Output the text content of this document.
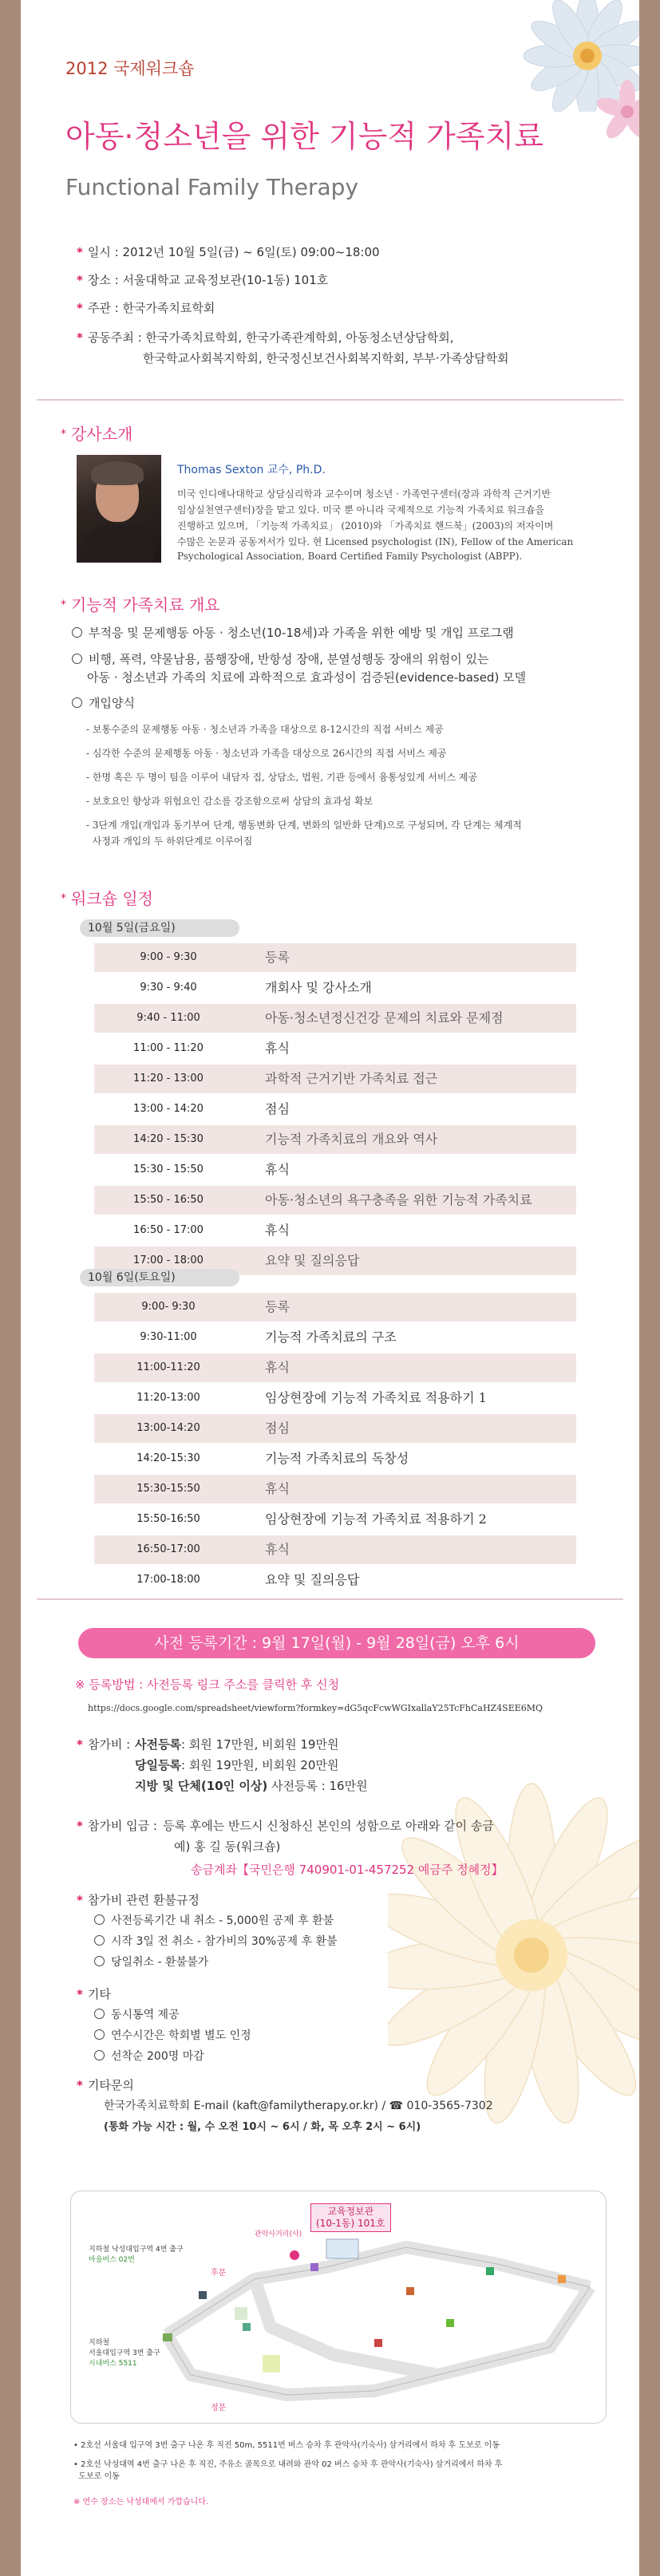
2012 국제워크숍
아동·청소년을 위한 기능적 가족치료
Functional Family Therapy
* 일시 : 2012년 10월 5일(금) ~ 6일(토) 09:00~18:00
* 장소 : 서울대학교 교육정보관(10-1동) 101호
* 주관 : 한국가족치료학회
* 공동주최 : 한국가족치료학회, 한국가족관계학회, 아동청소년상담학회,
한국학교사회복지학회, 한국정신보건사회복지학회, 부부·가족상담학회
* 강사소개
Thomas Sexton 교수, Ph.D.
미국 인디애나대학교 상담심리학과 교수이며 청소년 · 가족연구센터(장과 과학적 근거기반
임상실천연구센터)장을 맡고 있다. 미국 뿐 아니라 국제적으로 기능적 가족치료 워크숍을
진행하고 있으며, 「기능적 가족치료」 (2010)와 「가족치료 핸드북」(2003)의 저자이며
수많은 논문과 공동저서가 있다. 현 Licensed psychologist (IN), Fellow of the American
Psychological Association, Board Certified Family Psychologist (ABPP).
* 기능적 가족치료 개요
부적응 및 문제행동 아동 · 청소년(10-18세)과 가족을 위한 예방 및 개입 프로그램
비행, 폭력, 약물남용, 품행장애, 반항성 장애, 분열성행동 장애의 위험이 있는
아동 · 청소년과 가족의 치료에 과학적으로 효과성이 검증된(evidence-based) 모델
개입양식
- 보통수준의 문제행동 아동 · 청소년과 가족을 대상으로 8-12시간의 직접 서비스 제공
- 심각한 수준의 문제행동 아동 · 청소년과 가족을 대상으로 26시간의 직접 서비스 제공
- 한명 혹은 두 명이 팀을 이루어 내담자 집, 상담소, 법원, 기관 등에서 융통성있게 서비스 제공
- 보호요인 향상과 위험요인 감소를 강조함으로써 상담의 효과성 확보
- 3단계 개입(개입과 동기부여 단계, 행동변화 단계, 변화의 일반화 단계)으로 구성되며, 각 단계는 체계적
사정과 개입의 두 하위단계로 이루어짐
* 워크숍 일정
10월 5일(금요일)
9:00 - 9:30	등록
9:30 - 9:40	개회사 및 강사소개
9:40 - 11:00	아동·청소년정신건강 문제의 치료와 문제점
11:00 - 11:20	휴식
11:20 - 13:00	과학적 근거기반 가족치료 접근
13:00 - 14:20	점심
14:20 - 15:30	기능적 가족치료의 개요와 역사
15:30 - 15:50	휴식
15:50 - 16:50	아동·청소년의 욕구충족을 위한 기능적 가족치료
16:50 - 17:00	휴식
17:00 - 18:00	요약 및 질의응답
10월 6일(토요일)
9:00- 9:30	등록
9:30-11:00	기능적 가족치료의 구조
11:00-11:20	휴식
11:20-13:00	임상현장에 기능적 가족치료 적용하기 1
13:00-14:20	점심
14:20-15:30	기능적 가족치료의 독창성
15:30-15:50	휴식
15:50-16:50	임상현장에 기능적 가족치료 적용하기 2
16:50-17:00	휴식
17:00-18:00	요약 및 질의응답
사전 등록기간 : 9월 17일(월) - 9월 28일(금) 오후 6시
※ 등록방법 : 사전등록 링크 주소를 클릭한 후 신청
https://docs.google.com/spreadsheet/viewform?formkey=dG5qcFcwWGIxallaY25TcFhCaHZ4SEE6MQ
* 참가비 : 사전등록: 회원 17만원, 비회원 19만원
당일등록: 회원 19만원, 비회원 20만원
지방 및 단체(10인 이상) 사전등록 : 16만원
* 참가비 입금 : 등록 후에는 반드시 신청하신 본인의 성함으로 아래와 같이 송금
예) 홍 길 동(워크숍)
송금계좌【국민은행 740901-01-457252 예금주 정혜정】
* 참가비 관련 환불규정
사전등록기간 내 취소 - 5,000원 공제 후 환불
시작 3일 전 취소 - 참가비의 30%공제 후 환불
당일취소 - 환불불가
* 기타
동시통역 제공
연수시간은 학회별 별도 인정
선착순 200명 마감
* 기타문의
한국가족치료학회 E-mail (kaft@familytherapy.or.kr) / ☎ 010-3565-7302
(통화 가능 시간 : 월, 수 오전 10시 ~ 6시 / 화, 목 오후 2시 ~ 6시)
교육정보관
(10-1동) 101호
관악사거리(사)
지하철 낙성대입구역 4번 출구
마을버스 02번
지하철
서울대입구역 3번 출구
시내버스 5511
후문
정문
• 2호선 서울대 입구역 3번 출구 나온 후 직진 50m, 5511번 버스 승차 후 관악사(기숙사) 삼거리에서 하차 후 도보로 이동
• 2호선 낙성대역 4번 출구 나온 후 직진, 주유소 골목으로 내려와 관악 02 버스 승차 후 관악사(기숙사) 삼거리에서 하차 후
도보로 이동
※ 연수 장소는 낙성대에서 가깝습니다.
